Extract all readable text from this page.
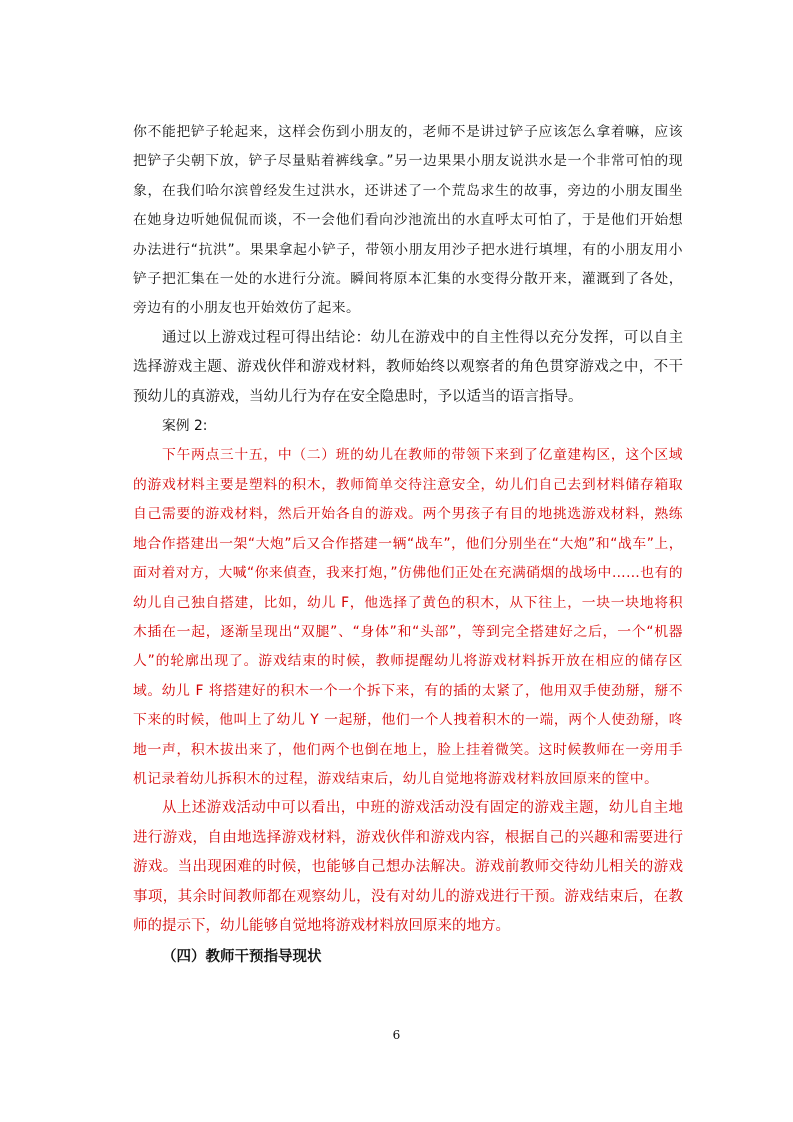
你不能把铲子轮起来，这样会伤到小朋友的，老师不是讲过铲子应该怎么拿着嘛，应该把铲子尖朝下放，铲子尽量贴着裤线拿。”另一边果果小朋友说洪水是一个非常可怕的现象，在我们哈尔滨曾经发生过洪水，还讲述了一个荒岛求生的故事，旁边的小朋友围坐在她身边听她侃侃而谈，不一会他们看向沙池流出的水直呼太可怕了，于是他们开始想办法进行“抗洪”。果果拿起小铲子，带领小朋友用沙子把水进行填埋，有的小朋友用小铲子把汇集在一处的水进行分流。瞬间将原本汇集的水变得分散开来，灌溉到了各处，旁边有的小朋友也开始效仿了起来。

通过以上游戏过程可得出结论：幼儿在游戏中的自主性得以充分发挥，可以自主选择游戏主题、游戏伙伴和游戏材料，教师始终以观察者的角色贯穿游戏之中，不干预幼儿的真游戏，当幼儿行为存在安全隐患时，予以适当的语言指导。

案例 2:

下午两点三十五，中（二）班的幼儿在教师的带领下来到了亿童建构区，这个区域的游戏材料主要是塑料的积木，教师简单交待注意安全，幼儿们自己去到材料储存箱取自己需要的游戏材料，然后开始各自的游戏。两个男孩子有目的地挑选游戏材料，熟练地合作搭建出一架“大炮”后又合作搭建一辆“战车”，他们分别坐在“大炮”和“战车”上，面对着对方，大喊“你来偵查，我来打炮，”仿佛他们正处在充满硝烟的战场中……也有的幼儿自己独自搭建，比如，幼儿 F，他选择了黄色的积木，从下往上，一块一块地将积木插在一起，逐渐呈现出“双腿”、“身体”和“头部”，等到完全搭建好之后，一个“机器人”的轮廓出现了。游戏结束的时候，教师提醒幼儿将游戏材料拆开放在相应的储存区域。幼儿 F 将搭建好的积木一个一个拆下来，有的插的太紧了，他用双手使劲掰，掰不下来的时候，他叫上了幼儿 Y 一起掰，他们一个人拽着积木的一端，两个人使劲掰，咚地一声，积木拔出来了，他们两个也倒在地上，脸上挂着微笑。这时候教师在一旁用手机记录着幼儿拆积木的过程，游戏结束后，幼儿自觉地将游戏材料放回原来的筐中。

从上述游戏活动中可以看出，中班的游戏活动没有固定的游戏主题，幼儿自主地进行游戏，自由地选择游戏材料，游戏伙伴和游戏内容，根据自己的兴趣和需要进行游戏。当出现困难的时候，也能够自己想办法解决。游戏前教师交待幼儿相关的游戏事项，其余时间教师都在观察幼儿，没有对幼儿的游戏进行干预。游戏结束后，在教师的提示下，幼儿能够自觉地将游戏材料放回原来的地方。

（四）教师干预指导现状

6
